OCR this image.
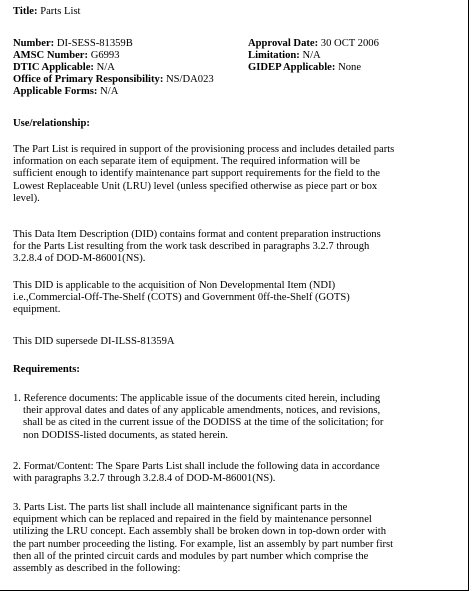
Title: Parts List
Number: DI-SESS-81359B	Approval Date: 30 OCT 2006
AMSC Number: G6993	Limitation: N/A
DTIC Applicable: N/A	GIDEP Applicable: None
Office of Primary Responsibility: NS/DA023
Applicable Forms: N/A
Use/relationship:
The Part List is required in support of the provisioning process and includes detailed parts
information on each separate item of equipment. The required information will be
sufficient enough to identify maintenance part support requirements for the field to the
Lowest Replaceable Unit (LRU) level (unless specified otherwise as piece part or box
level).
This Data Item Description (DID) contains format and content preparation instructions
for the Parts List resulting from the work task described in paragraphs 3.2.7 through
3.2.8.4 of DOD-M-86001(NS).
This DID is applicable to the acquisition of Non Developmental Item (NDI)
i.e.,Commercial-Off-The-Shelf (COTS) and Government 0ff-the-Shelf (GOTS)
equipment.
This DID supersede DI-ILSS-81359A
Requirements:
1. Reference documents: The applicable issue of the documents cited herein, including
their approval dates and dates of any applicable amendments, notices, and revisions,
shall be as cited in the current issue of the DODISS at the time of the solicitation; for
non DODISS-listed documents, as stated herein.
2. Format/Content: The Spare Parts List shall include the following data in accordance
with paragraphs 3.2.7 through 3.2.8.4 of DOD-M-86001(NS).
3. Parts List. The parts list shall include all maintenance significant parts in the
equipment which can be replaced and repaired in the field by maintenance personnel
utilizing the LRU concept. Each assembly shall be broken down in top-down order with
the part number proceeding the listing. For example, list an assembly by part number first
then all of the printed circuit cards and modules by part number which comprise the
assembly as described in the following:
